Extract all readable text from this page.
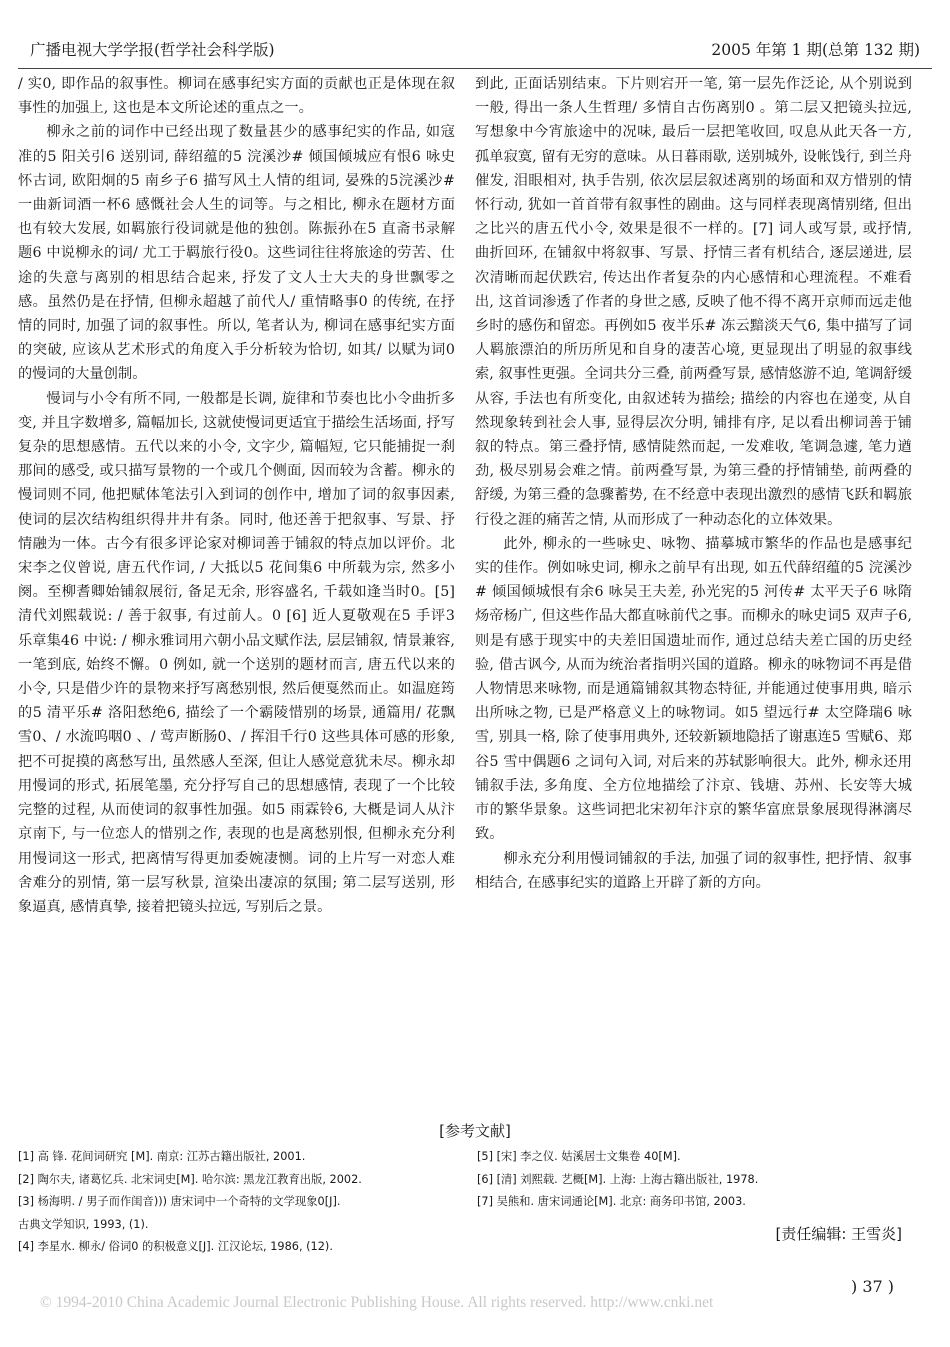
广播电视大学学报(哲学社会科学版)	2005 年第 1 期(总第 132 期)

/ 实0, 即作品的叙事性。柳词在感事纪实方面的贡献也正是体现在叙事性的加强上, 这也是本文所论述的重点之一。

柳永之前的词作中已经出现了数量甚少的感事纪实的作品, 如寇准的5 阳关引6 送别词, 薛绍蕴的5 浣溪沙# 倾国倾城应有恨6 咏史怀古词, 欧阳炯的5 南乡子6 描写风土人情的组词, 晏殊的5浣溪沙# 一曲新词酒一杯6 感慨社会人生的词等。与之相比, 柳永在题材方面也有较大发展, 如羁旅行役词就是他的独创。陈振孙在5 直斋书录解题6 中说柳永的词/ 尤工于羁旅行役0。这些词往往将旅途的劳苦、仕途的失意与离别的相思结合起来, 抒发了文人士大夫的身世飘零之感。虽然仍是在抒情, 但柳永超越了前代人/ 重情略事0 的传统, 在抒情的同时, 加强了词的叙事性。所以, 笔者认为, 柳词在感事纪实方面的突破, 应该从艺术形式的角度入手分析较为恰切, 如其/ 以赋为词0 的慢词的大量创制。

慢词与小令有所不同, 一般都是长调, 旋律和节奏也比小令曲折多变, 并且字数增多, 篇幅加长, 这就使慢词更适宜于描绘生活场面, 抒写复杂的思想感情。五代以来的小令, 文字少, 篇幅短, 它只能捕捉一刹那间的感受, 或只描写景物的一个或几个侧面, 因而较为含蓄。柳永的慢词则不同, 他把赋体笔法引入到词的创作中, 增加了词的叙事因素, 使词的层次结构组织得井井有条。同时, 他还善于把叙事、写景、抒情融为一体。古今有很多评论家对柳词善于铺叙的特点加以评价。北宋李之仪曾说, 唐五代作词, / 大抵以5 花间集6 中所载为宗, 然多小阕。至柳耆卿始铺叙展衍, 备足无余, 形容盛名, 千载如逢当时0。[5] 清代刘熙载说: / 善于叙事, 有过前人。0 [6] 近人夏敬观在5 手评3 乐章集46 中说: / 柳永雅词用六朝小品文赋作法, 层层铺叙, 情景兼容, 一笔到底, 始终不懈。0 例如, 就一个送别的题材而言, 唐五代以来的小令, 只是借少许的景物来抒写离愁别恨, 然后便戛然而止。如温庭筠的5 清平乐# 洛阳愁绝6, 描绘了一个霸陵惜别的场景, 通篇用/ 花飘雪0、/ 水流呜咽0 、/ 莺声断肠0、/ 挥泪千行0 这些具体可感的形象, 把不可捉摸的离愁写出, 虽然感人至深, 但让人感觉意犹未尽。柳永却用慢词的形式, 拓展笔墨, 充分抒写自己的思想感情, 表现了一个比较完整的过程, 从而使词的叙事性加强。如5 雨霖铃6, 大概是词人从汴京南下, 与一位恋人的惜别之作, 表现的也是离愁别恨, 但柳永充分利用慢词这一形式, 把离情写得更加委婉凄恻。词的上片写一对恋人难舍难分的别情, 第一层写秋景, 渲染出凄凉的氛围; 第二层写送别, 形象逼真, 感情真挚, 接着把镜头拉远, 写别后之景。

到此, 正面话别结束。下片则宕开一笔, 第一层先作泛论, 从个别说到一般, 得出一条人生哲理/ 多情自古伤离别0 。第二层又把镜头拉远, 写想象中今宵旅途中的况味, 最后一层把笔收回, 叹息从此天各一方, 孤单寂寞, 留有无穷的意味。从日暮雨歇, 送别城外, 设帐饯行, 到兰舟催发, 泪眼相对, 执手告别, 依次层层叙述离别的场面和双方惜别的情怀行动, 犹如一首首带有叙事性的剧曲。这与同样表现离情别绪, 但出之比兴的唐五代小令, 效果是很不一样的。[7] 词人或写景, 或抒情, 曲折回环, 在铺叙中将叙事、写景、抒情三者有机结合, 逐层递进, 层次清晰而起伏跌宕, 传达出作者复杂的内心感情和心理流程。不难看出, 这首词渗透了作者的身世之感, 反映了他不得不离开京师而远走他乡时的感伤和留恋。再例如5 夜半乐# 冻云黯淡天气6, 集中描写了词人羁旅漂泊的所历所见和自身的凄苦心境, 更显现出了明显的叙事线索, 叙事性更强。全词共分三叠, 前两叠写景, 感情悠游不迫, 笔调舒缓从容, 手法也有所变化, 由叙述转为描绘; 描绘的内容也在递变, 从自然现象转到社会人事, 显得层次分明, 铺排有序, 足以看出柳词善于铺叙的特点。第三叠抒情, 感情陡然而起, 一发难收, 笔调急遽, 笔力遒劲, 极尽别易会难之情。前两叠写景, 为第三叠的抒情铺垫, 前两叠的舒缓, 为第三叠的急骤蓄势, 在不经意中表现出激烈的感情飞跃和羁旅行役之涯的痛苦之情, 从而形成了一种动态化的立体效果。

此外, 柳永的一些咏史、咏物、描摹城市繁华的作品也是感事纪实的佳作。例如咏史词, 柳永之前早有出现, 如五代薛绍蕴的5 浣溪沙# 倾国倾城恨有余6 咏吴王夫差, 孙光宪的5 河传# 太平天子6 咏隋炀帝杨广, 但这些作品大都直咏前代之事。而柳永的咏史词5 双声子6, 则是有感于现实中的夫差旧国遗址而作, 通过总结夫差亡国的历史经验, 借古讽今, 从而为统治者指明兴国的道路。柳永的咏物词不再是借人物情思来咏物, 而是通篇铺叙其物态特征, 并能通过使事用典, 暗示出所咏之物, 已是严格意义上的咏物词。如5 望远行# 太空降瑞6 咏雪, 别具一格, 除了使事用典外, 还较新颖地隐括了谢惠连5 雪赋6、郑谷5 雪中偶题6 之词句入词, 对后来的苏轼影响很大。此外, 柳永还用铺叙手法, 多角度、全方位地描绘了汴京、钱塘、苏州、长安等大城市的繁华景象。这些词把北宋初年汴京的繁华富庶景象展现得淋漓尽致。

柳永充分利用慢词铺叙的手法, 加强了词的叙事性, 把抒情、叙事相结合, 在感事纪实的道路上开辟了新的方向。

[参考文献]
[1] 高 锋. 花间词研究 [M]. 南京: 江苏古籍出版社, 2001.
[2] 陶尔夫, 诸葛忆兵. 北宋词史[M]. 哈尔滨: 黑龙江教育出版, 2002.
[3] 杨海明. / 男子而作闺音))) 唐宋词中一个奇特的文学现象0[J].
古典文学知识, 1993, (1).
[4] 李星水. 柳永/ 俗词0 的积极意义[J]. 江汉论坛, 1986, (12).
[5] [宋] 李之仪. 姑溪居士文集卷 40[M].
[6] [清] 刘熙载. 艺概[M]. 上海: 上海古籍出版社, 1978.
[7] 吴熊和. 唐宋词通论[M]. 北京: 商务印书馆, 2003.
[责任编辑: 王雪炎]
) 37 )
© 1994-2010 China Academic Journal Electronic Publishing House. All rights reserved. http://www.cnki.net
